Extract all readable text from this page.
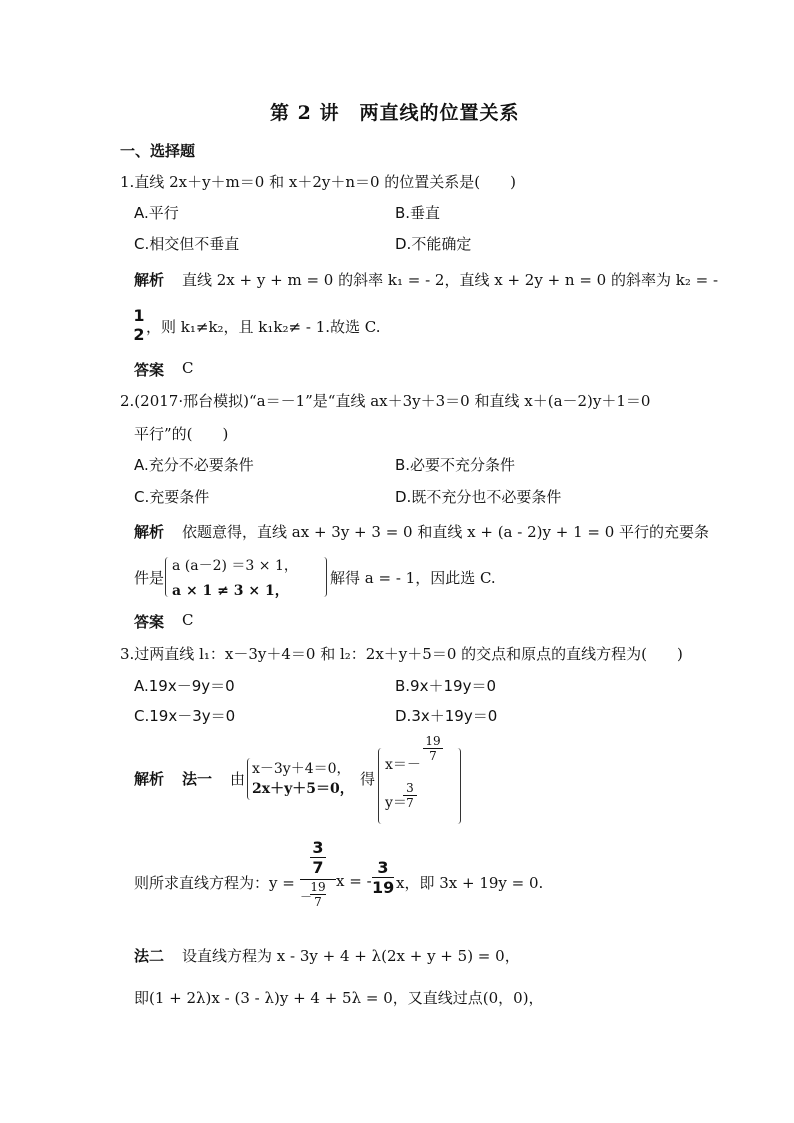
第 2 讲　两直线的位置关系
一、选择题
1.直线 2x＋y＋m＝0 和 x＋2y＋n＝0 的位置关系是(　　)
A.平行	B.垂直
C.相交但不垂直	D.不能确定
解析 直线 2x + y + m = 0 的斜率 k₁ = - 2，直线 x + 2y + n = 0 的斜率为 k₂ = -
1
2 ，则 k₁≠k₂，且 k₁k₂≠ - 1.故选 C.
答案 C
2.(2017·邢台模拟)“a＝－1”是“直线 ax＋3y＋3＝0 和直线 x＋(a－2)y＋1＝0
平行”的(　　)
A.充分不必要条件	B.必要不充分条件
C.充要条件	D.既不充分也不必要条件
解析 依题意得，直线 ax + 3y + 3 = 0 和直线 x + (a - 2)y + 1 = 0 平行的充要条
件是
a (a－2) ＝3 × 1，
a × 1 ≠ 3 × 1，
解得 a = - 1，因此选 C.
答案 C
3.过两直线 l₁：x－3y＋4＝0 和 l₂：2x＋y＋5＝0 的交点和原点的直线方程为(　　)
A.19x－9y＝0	B.9x＋19y＝0
C.19x－3y＝0	D.3x＋19y＝0
解析 法一 由
x－3y＋4＝0，
2x＋y＋5＝0，
得
x＝－
19
7
y＝
3
7
则所求直线方程为：y =
3
7
－
19
7
x = -
3
19 x，即 3x + 19y = 0.
法二 设直线方程为 x - 3y + 4 + λ(2x + y + 5) = 0，
即(1 + 2λ)x - (3 - λ)y + 4 + 5λ = 0，又直线过点(0，0)，
